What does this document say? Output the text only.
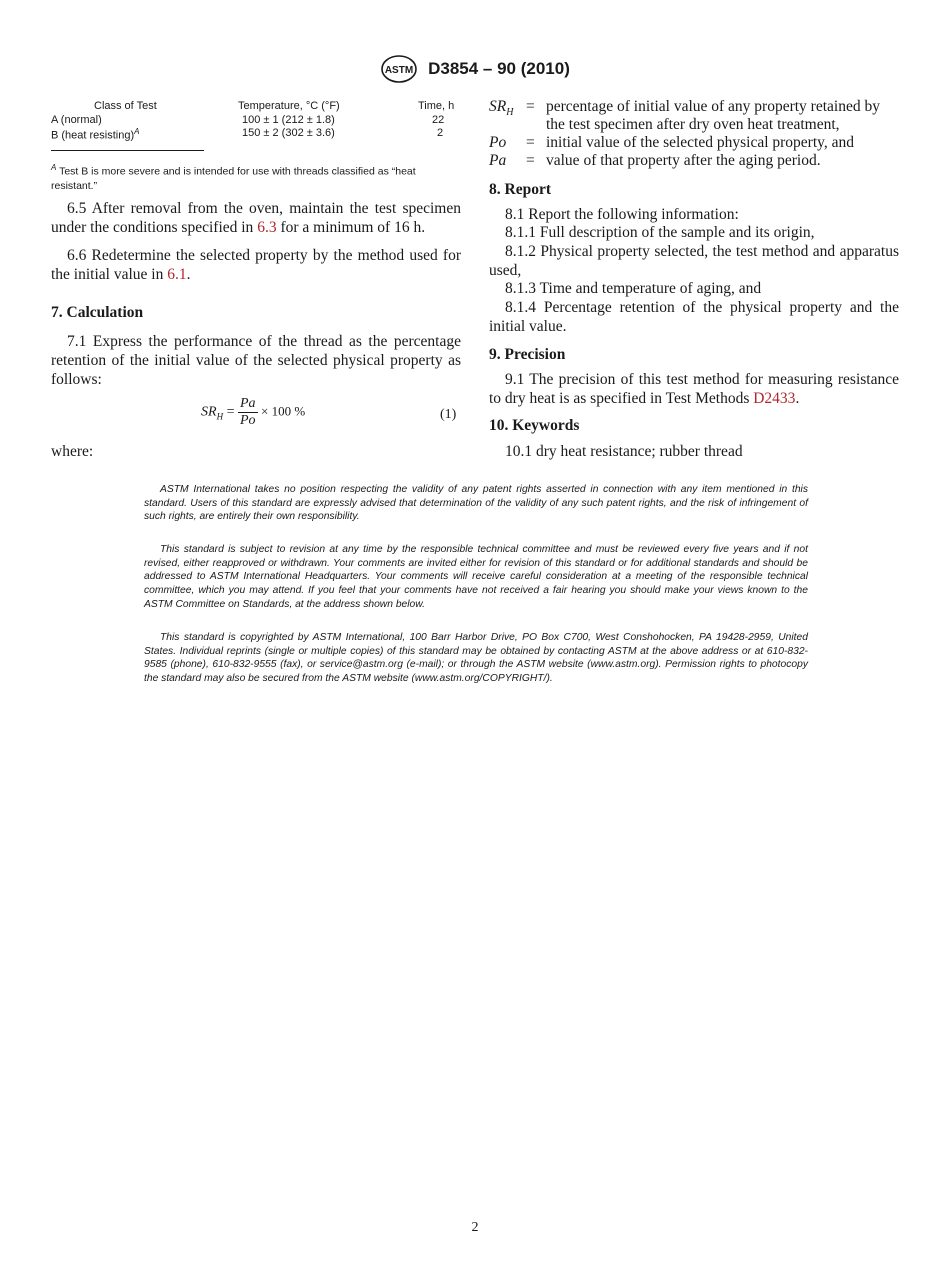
ASTM D3854 – 90 (2010)
Class of Test	Temperature, °C (°F)	Time, h
A (normal)	100 ± 1 (212 ± 1.8)	22
B (heat resisting)$^A$	150 ± 2 (302 ± 3.6)	2
$^A$ Test B is more severe and is intended for use with threads classified as “heat resistant.”
6.5 After removal from the oven, maintain the test specimen under the conditions specified in 6.3 for a minimum of 16 h.
6.6 Redetermine the selected property by the method used for the initial value in 6.1.
7. Calculation
7.1 Express the performance of the thread as the percentage retention of the initial value of the selected physical property as follows:
$SR_H = \frac{Pa}{Po} \times 100$ %	(1)
where:
$SR_H$ = percentage of initial value of any property retained by the test specimen after dry oven heat treatment,
Po = initial value of the selected physical property, and
Pa = value of that property after the aging period.
8. Report
8.1 Report the following information:
8.1.1 Full description of the sample and its origin,
8.1.2 Physical property selected, the test method and apparatus used,
8.1.3 Time and temperature of aging, and
8.1.4 Percentage retention of the physical property and the initial value.
9. Precision
9.1 The precision of this test method for measuring resistance to dry heat is as specified in Test Methods D2433.
10. Keywords
10.1 dry heat resistance; rubber thread
ASTM International takes no position respecting the validity of any patent rights asserted in connection with any item mentioned in this standard. Users of this standard are expressly advised that determination of the validity of any such patent rights, and the risk of infringement of such rights, are entirely their own responsibility.
This standard is subject to revision at any time by the responsible technical committee and must be reviewed every five years and if not revised, either reapproved or withdrawn. Your comments are invited either for revision of this standard or for additional standards and should be addressed to ASTM International Headquarters. Your comments will receive careful consideration at a meeting of the responsible technical committee, which you may attend. If you feel that your comments have not received a fair hearing you should make your views known to the ASTM Committee on Standards, at the address shown below.
This standard is copyrighted by ASTM International, 100 Barr Harbor Drive, PO Box C700, West Conshohocken, PA 19428-2959, United States. Individual reprints (single or multiple copies) of this standard may be obtained by contacting ASTM at the above address or at 610-832-9585 (phone), 610-832-9555 (fax), or service@astm.org (e-mail); or through the ASTM website (www.astm.org). Permission rights to photocopy the standard may also be secured from the ASTM website (www.astm.org/COPYRIGHT/).
2
